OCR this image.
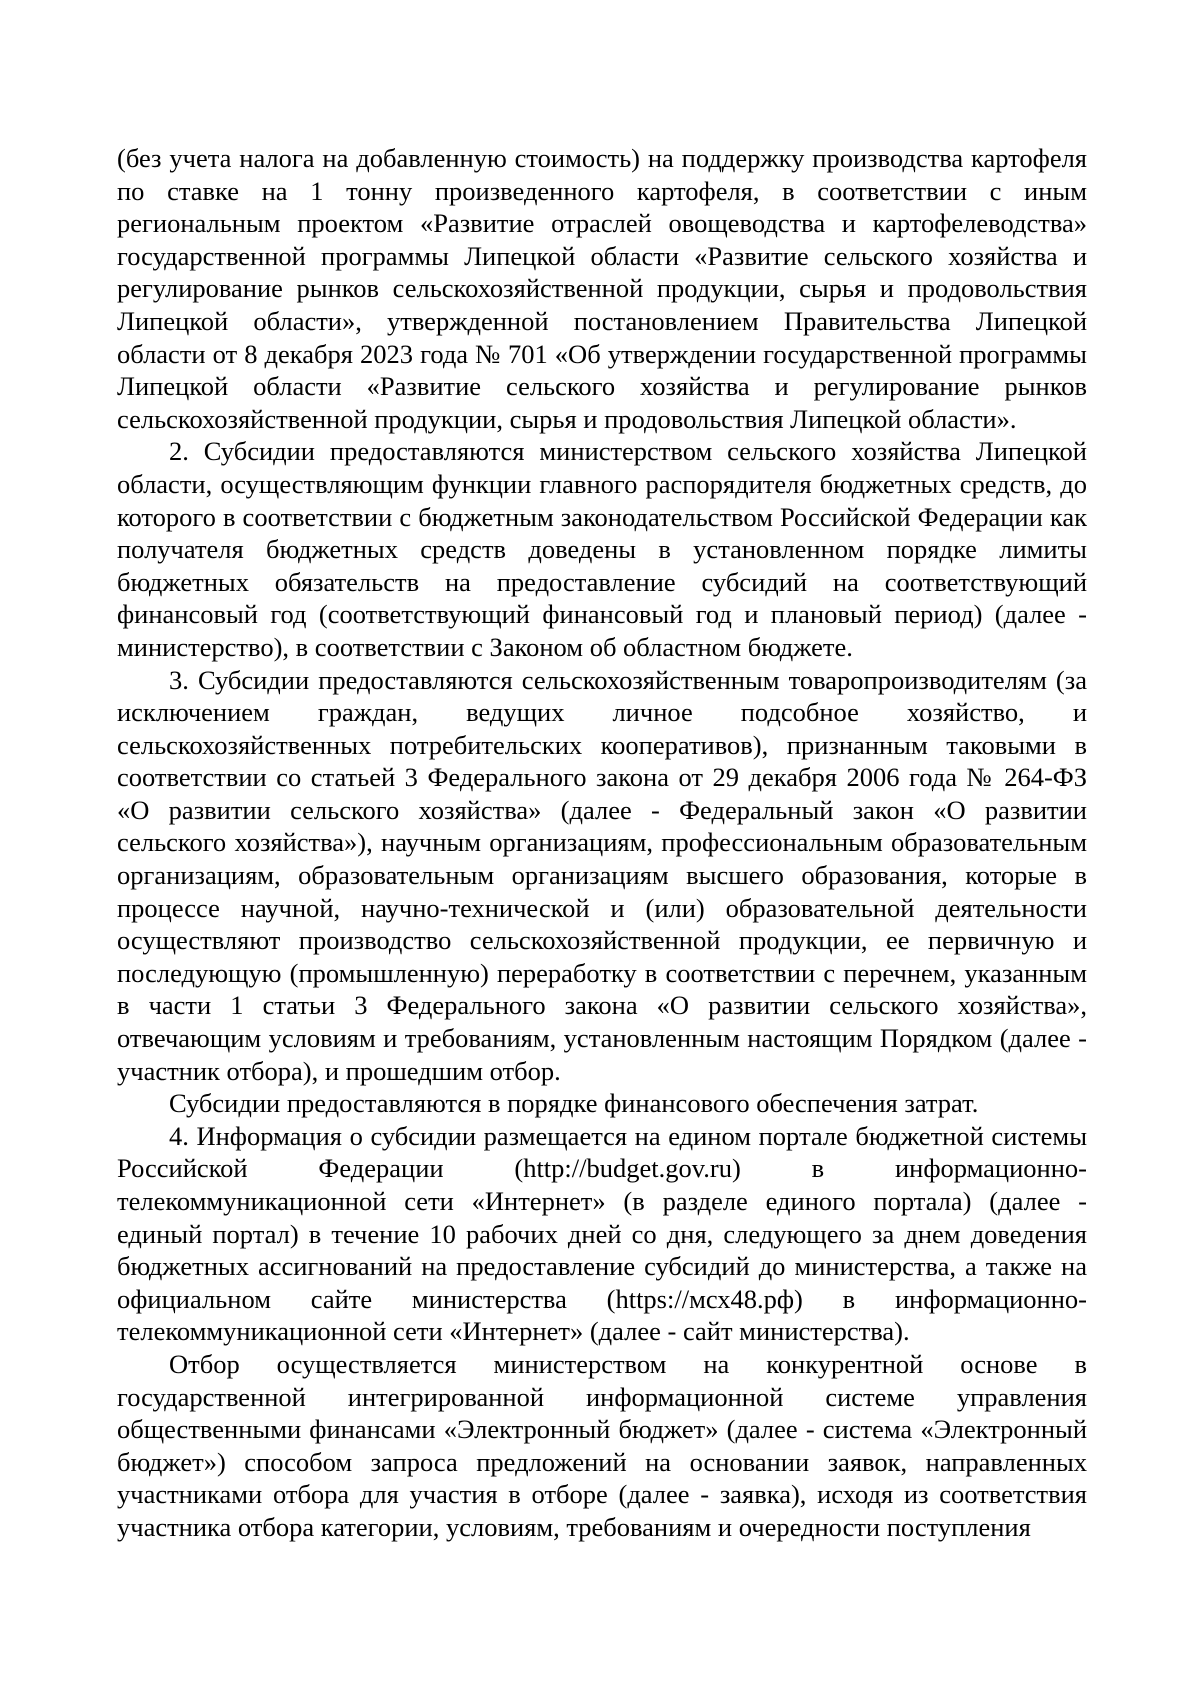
(без учета налога на добавленную стоимость) на поддержку производства картофеля по ставке на 1 тонну произведенного картофеля, в соответствии с иным региональным проектом «Развитие отраслей овощеводства и картофелеводства» государственной программы Липецкой области «Развитие сельского хозяйства и регулирование рынков сельскохозяйственной продукции, сырья и продовольствия Липецкой области», утвержденной постановлением Правительства Липецкой области от 8 декабря 2023 года № 701 «Об утверждении государственной программы Липецкой области «Развитие сельского хозяйства и регулирование рынков сельскохозяйственной продукции, сырья и продовольствия Липецкой области».

2. Субсидии предоставляются министерством сельского хозяйства Липецкой области, осуществляющим функции главного распорядителя бюджетных средств, до которого в соответствии с бюджетным законодательством Российской Федерации как получателя бюджетных средств доведены в установленном порядке лимиты бюджетных обязательств на предоставление субсидий на соответствующий финансовый год (соответствующий финансовый год и плановый период) (далее - министерство), в соответствии с Законом об областном бюджете.

3. Субсидии предоставляются сельскохозяйственным товаропроизводителям (за исключением граждан, ведущих личное подсобное хозяйство, и сельскохозяйственных потребительских кооперативов), признанным таковыми в соответствии со статьей 3 Федерального закона от 29 декабря 2006 года № 264-ФЗ «О развитии сельского хозяйства» (далее - Федеральный закон «О развитии сельского хозяйства»), научным организациям, профессиональным образовательным организациям, образовательным организациям высшего образования, которые в процессе научной, научно-технической и (или) образовательной деятельности осуществляют производство сельскохозяйственной продукции, ее первичную и последующую (промышленную) переработку в соответствии с перечнем, указанным в части 1 статьи 3 Федерального закона «О развитии сельского хозяйства», отвечающим условиям и требованиям, установленным настоящим Порядком (далее - участник отбора), и прошедшим отбор.

Субсидии предоставляются в порядке финансового обеспечения затрат.

4. Информация о субсидии размещается на едином портале бюджетной системы Российской Федерации (http://budget.gov.ru) в информационно-телекоммуникационной сети «Интернет» (в разделе единого портала) (далее - единый портал) в течение 10 рабочих дней со дня, следующего за днем доведения бюджетных ассигнований на предоставление субсидий до министерства, а также на официальном сайте министерства (https://мсх48.рф) в информационно-телекоммуникационной сети «Интернет» (далее - сайт министерства).

Отбор осуществляется министерством на конкурентной основе в государственной интегрированной информационной системе управления общественными финансами «Электронный бюджет» (далее - система «Электронный бюджет») способом запроса предложений на основании заявок, направленных участниками отбора для участия в отборе (далее - заявка), исходя из соответствия участника отбора категории, условиям, требованиям и очередности поступления
